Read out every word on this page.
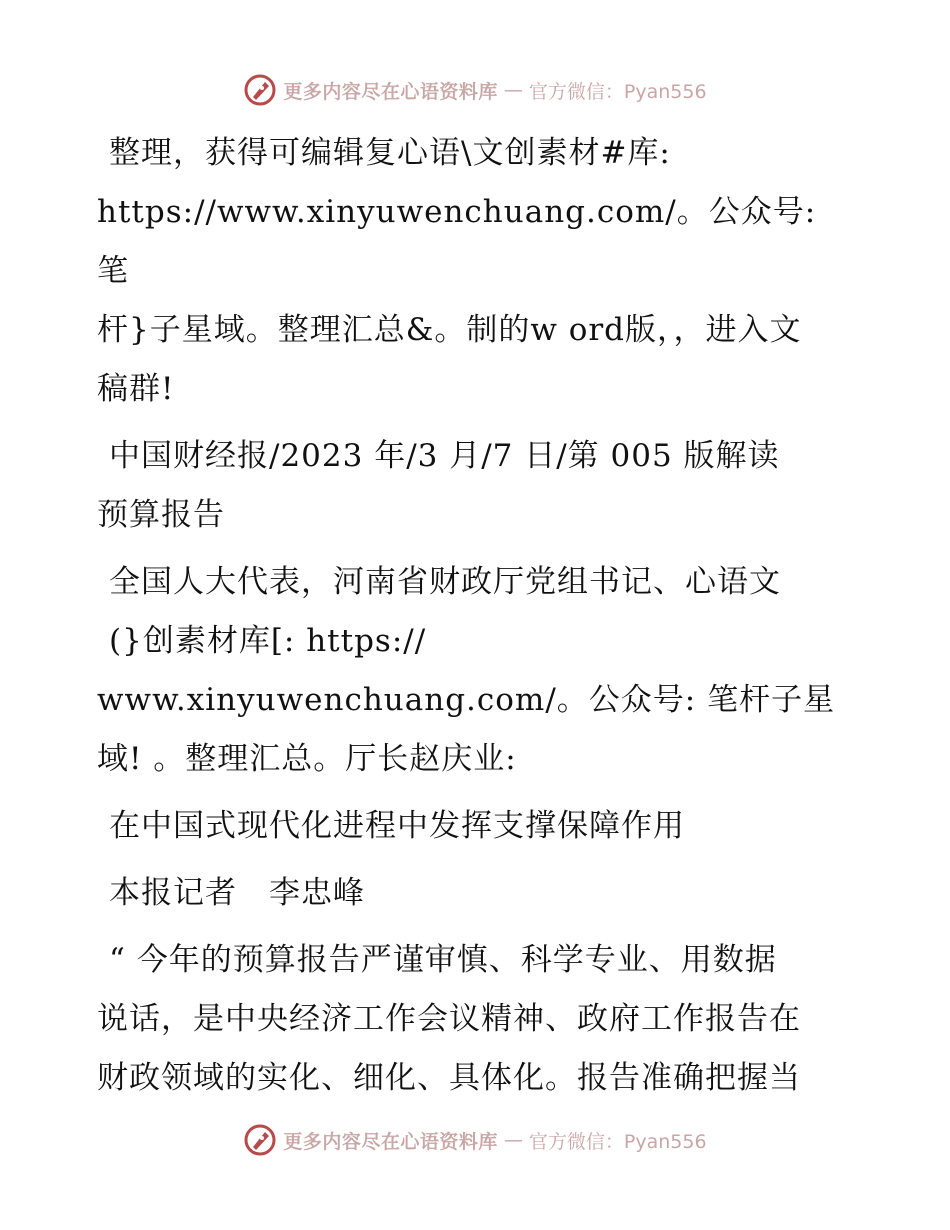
更多内容尽在心语资料库 — 官方微信：Pyan556

整理，获得可编辑复心语\文创素材#库:
https://www.xinyuwenchuang.com/。公众号: 笔
杆}子星域。整理汇总&。制的w ord版，，进入文
稿群!

中国财经报/2023 年/3 月/7 日/第 005 版解读
预算报告

全国人大代表，河南省财政厅党组书记、心语文
(}创素材库[: https://
www.xinyuwenchuang.com/。公众号: 笔杆子星
域! 。整理汇总。厅长赵庆业:

在中国式现代化进程中发挥支撑保障作用

本报记者　李忠峰

“ 今年的预算报告严谨审慎、科学专业、用数据
说话，是中央经济工作会议精神、政府工作报告在
财政领域的实化、细化、具体化。报告准确把握当

更多内容尽在心语资料库 — 官方微信：Pyan556
